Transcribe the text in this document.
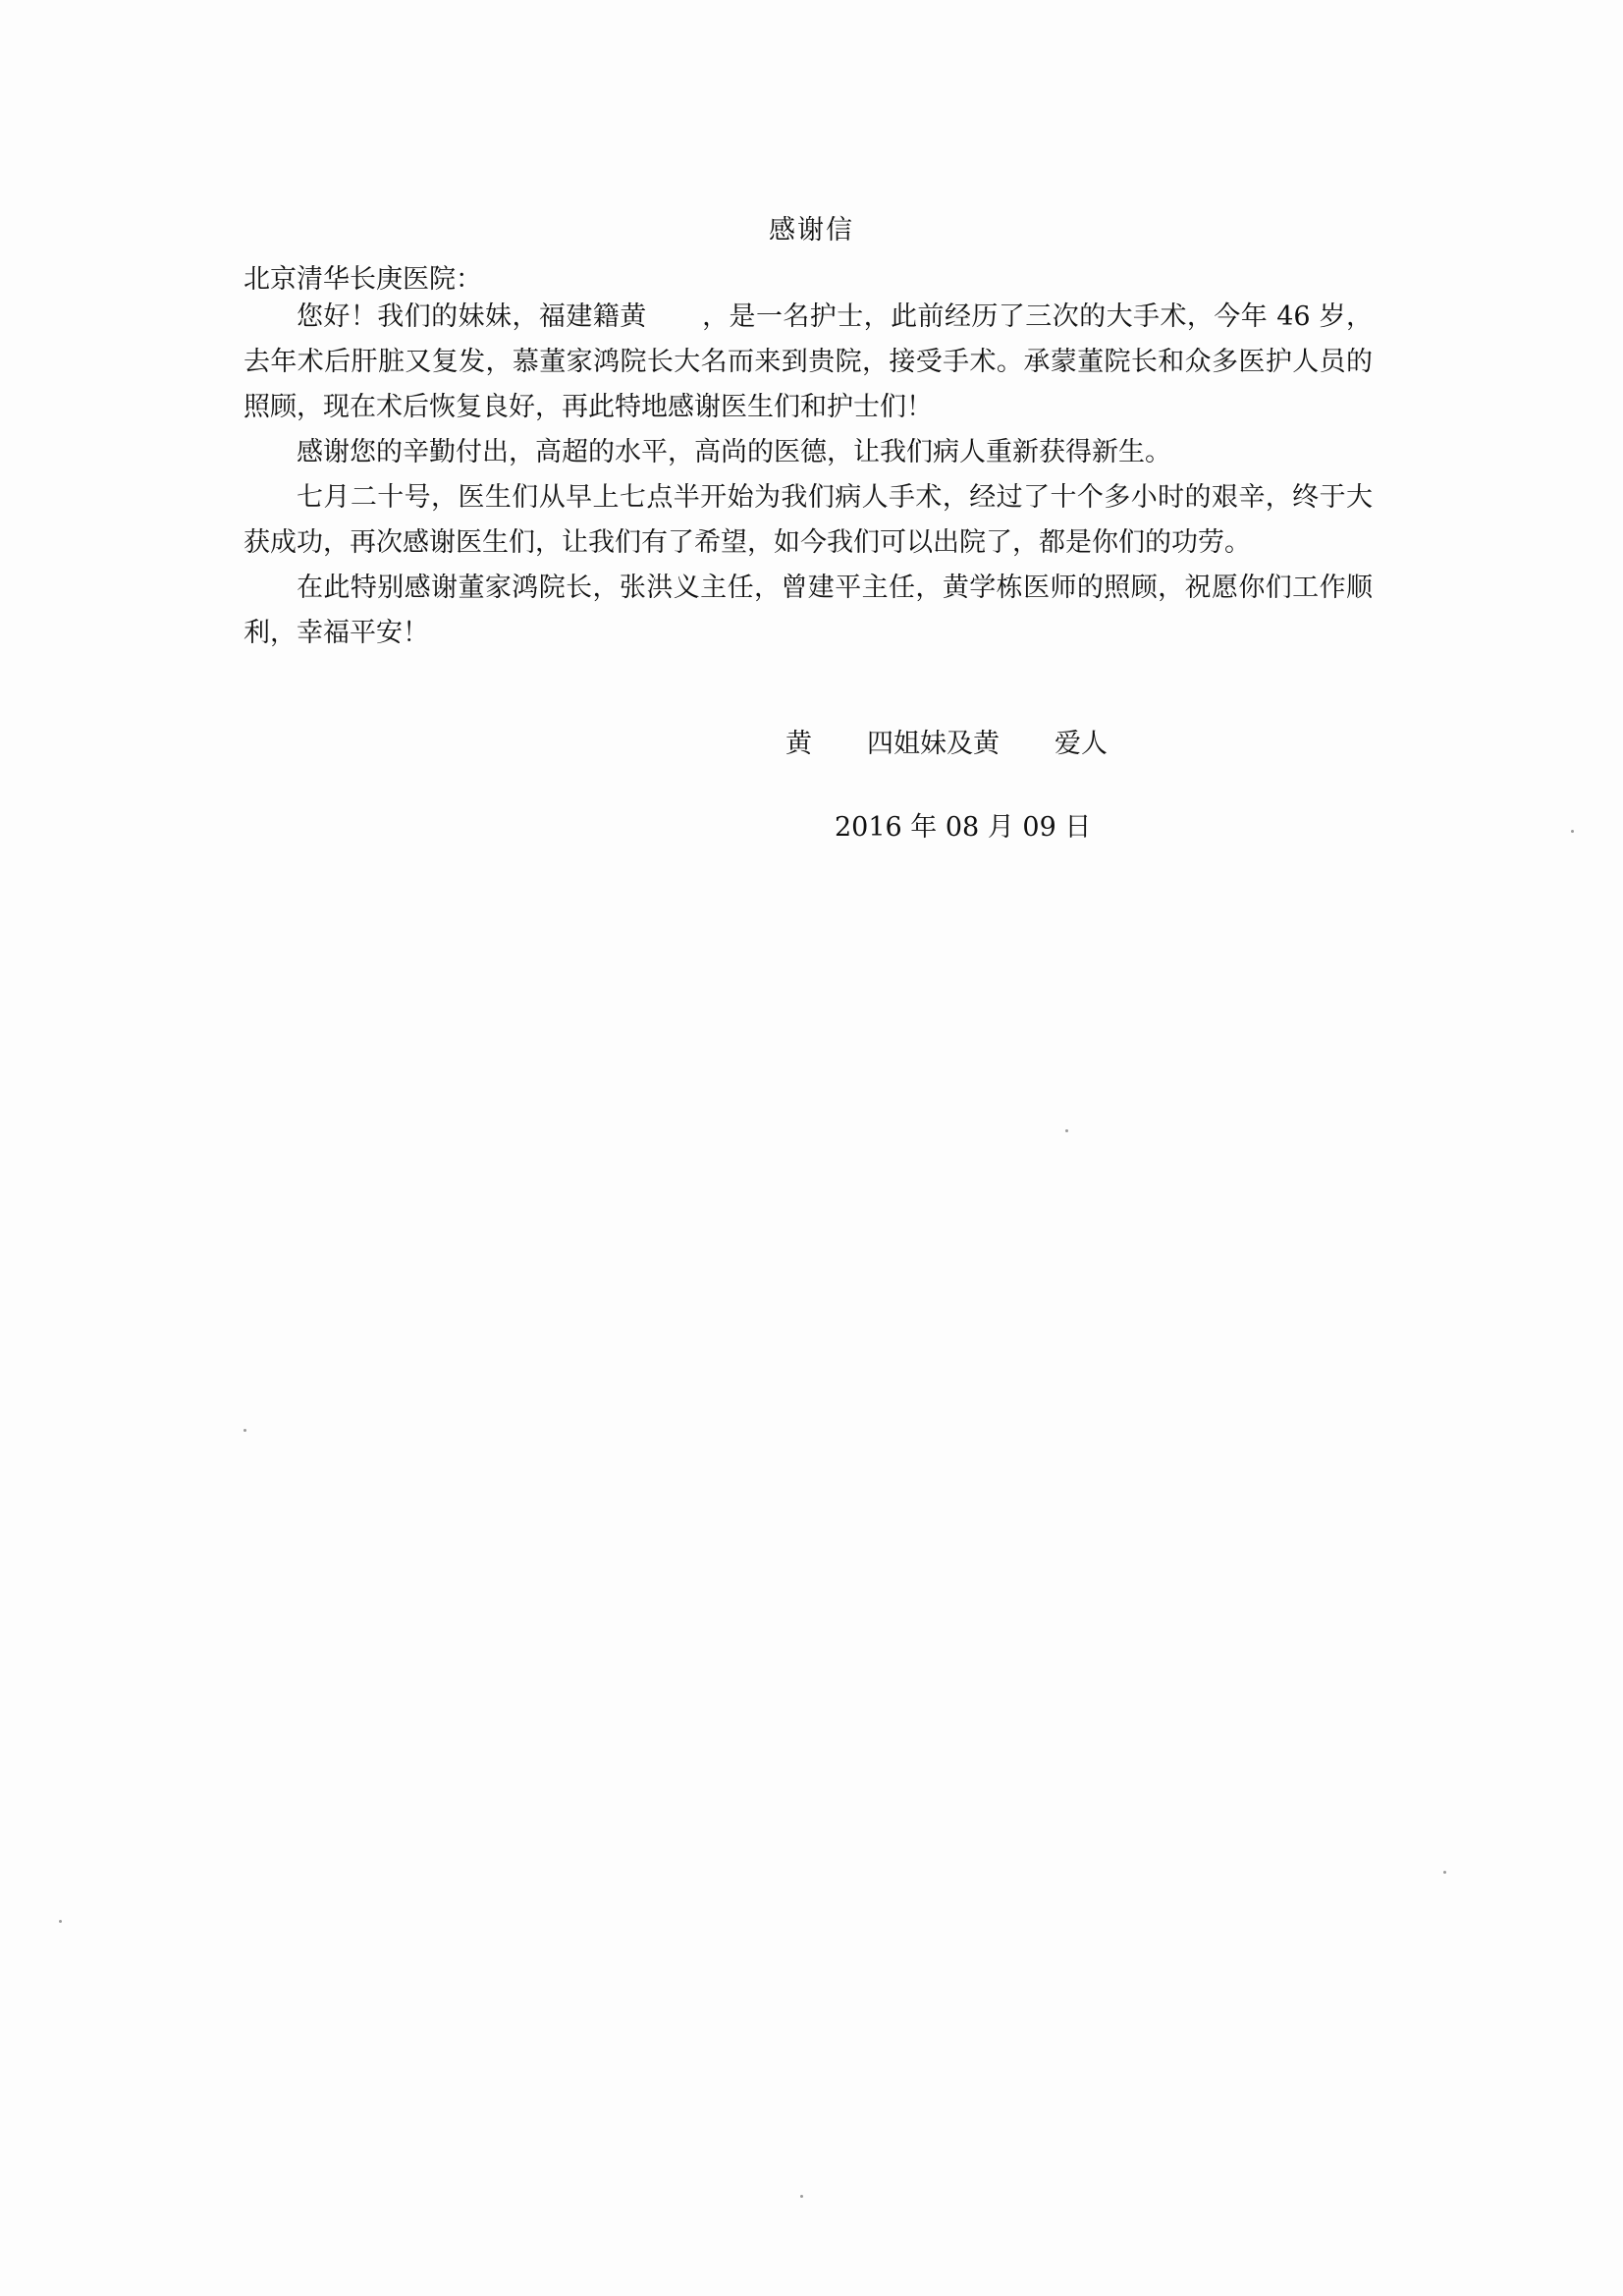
感谢信
北京清华长庚医院：

您好！我们的妹妹，福建籍黄 ，是一名护士，此前经历了三次的大手术，今年 46 岁，去年术后肝脏又复发，慕董家鸿院长大名而来到贵院，接受手术。承蒙董院长和众多医护人员的照顾，现在术后恢复良好，再此特地感谢医生们和护士们！

感谢您的辛勤付出，高超的水平，高尚的医德，让我们病人重新获得新生。

七月二十号，医生们从早上七点半开始为我们病人手术，经过了十个多小时的艰辛，终于大获成功，再次感谢医生们，让我们有了希望，如今我们可以出院了，都是你们的功劳。

在此特别感谢董家鸿院长，张洪义主任，曾建平主任，黄学栋医师的照顾，祝愿你们工作顺利，幸福平安！

黄 四姐妹及黄 爱人
2016 年 08 月 09 日
